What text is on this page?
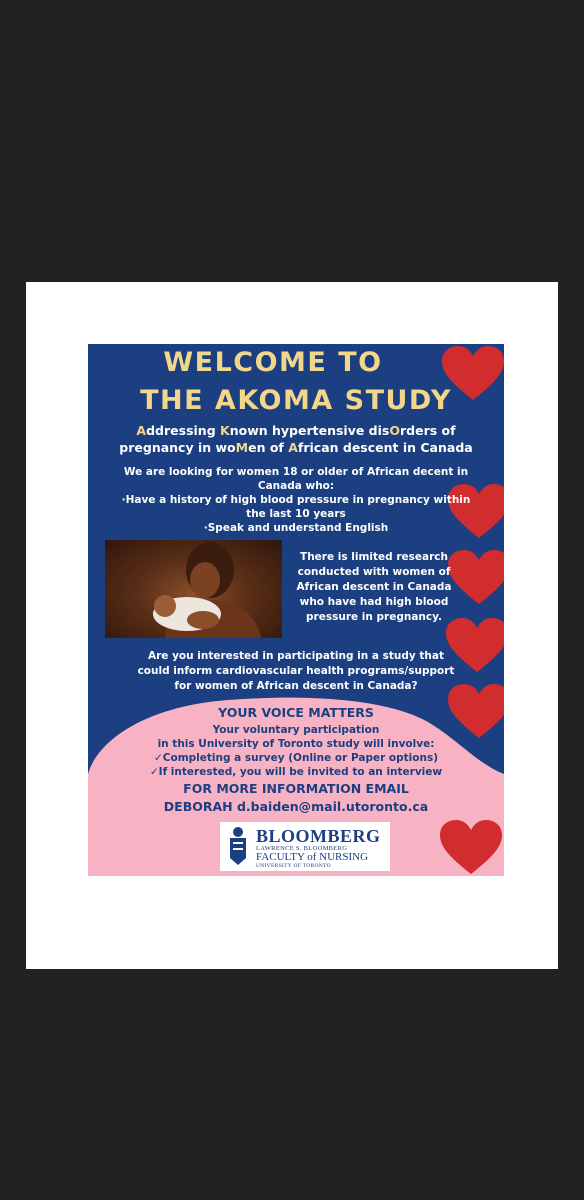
WELCOME TO
THE AKOMA STUDY
Addressing Known hypertensive disOrders of
pregnancy in woMen of African descent in Canada
We are looking for women 18 or older of African decent in
Canada who:
·Have a history of high blood pressure in pregnancy within
the last 10 years
·Speak and understand English
There is limited research
conducted with women of
African descent in Canada
who have had high blood
pressure in pregnancy.
Are you interested in participating in a study that
could inform cardiovascular health programs/support
for women of African descent in Canada?
YOUR VOICE MATTERS
Your voluntary participation
in this University of Toronto study will involve:
✓Completing a survey (Online or Paper options)
✓If interested, you will be invited to an interview
FOR MORE INFORMATION EMAIL
DEBORAH d.baiden@mail.utoronto.ca
BLOOMBERG
LAWRENCE S. BLOOMBERG
FACULTY of NURSING
UNIVERSITY OF TORONTO
